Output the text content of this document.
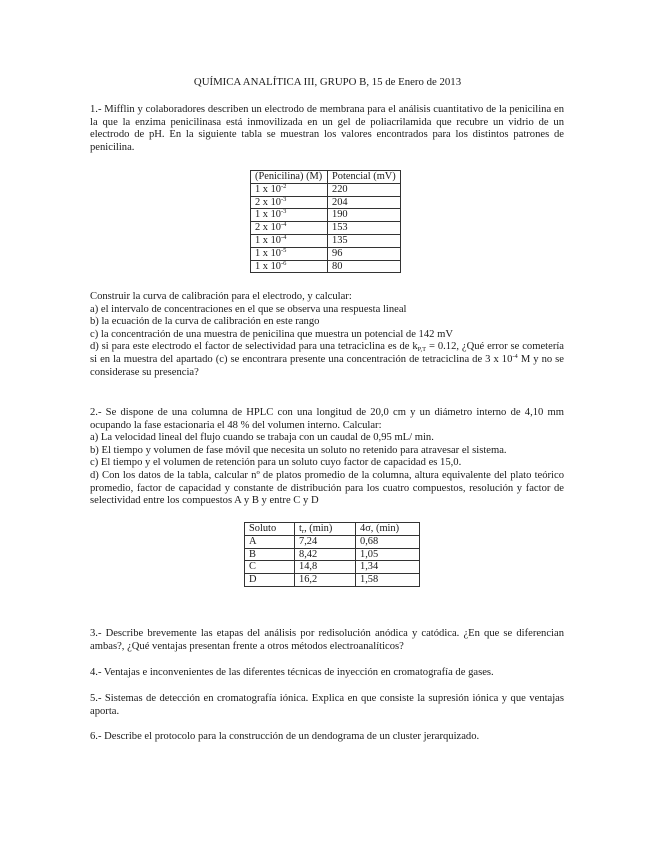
QUÍMICA ANALÍTICA III, GRUPO B, 15 de Enero de 2013

1.- Mifflin y colaboradores describen un electrodo de membrana para el análisis cuantitativo de la penicilina en la que la enzima penicilinasa está inmovilizada en un gel de poliacrilamida que recubre un vidrio de un electrodo de pH. En la siguiente tabla se muestran los valores encontrados para los distintos patrones de penicilina.

(Penicilina) (M)	Potencial (mV)
1 x $10^{-2}$	220
2 x $10^{-3}$	204
1 x $10^{-3}$	190
2 x $10^{-4}$	153
1 x $10^{-4}$	135
1 x $10^{-5}$	96
1 x $10^{-6}$	80

Construir la curva de calibración para el electrodo, y calcular:

a) el intervalo de concentraciones en el que se observa una respuesta lineal

b) la ecuación de la curva de calibración en este rango

c) la concentración de una muestra de penicilina que muestra un potencial de 142 mV

d) si para este electrodo el factor de selectividad para una tetraciclina es de $k_{P,T} = 0.12$, ¿Qué error se cometería si en la muestra del apartado (c) se encontrara presente una concentración de tetraciclina de 3 x $10^{-4}$ M y no se considerase su presencia?

2.- Se dispone de una columna de HPLC con una longitud de 20,0 cm y un diámetro interno de 4,10 mm ocupando la fase estacionaria el 48 % del volumen interno. Calcular:

a) La velocidad lineal del flujo cuando se trabaja con un caudal de 0,95 mL/ min.

b) El tiempo y volumen de fase móvil que necesita un soluto no retenido para atravesar el sistema.

c) El tiempo y el volumen de retención para un soluto cuyo factor de capacidad es 15,0.

d) Con los datos de la tabla, calcular nº de platos promedio de la columna, altura equivalente del plato teórico promedio, factor de capacidad y constante de distribución para los cuatro compuestos, resolución y factor de selectividad entre los compuestos A y B y entre C y D

Soluto	$t_r$, (min)	4σ, (min)
A	7,24	0,68
B	8,42	1,05
C	14,8	1,34
D	16,2	1,58

3.- Describe brevemente las etapas del análisis por redisolución anódica y catódica. ¿En que se diferencian ambas?, ¿Qué ventajas presentan frente a otros métodos electroanalíticos?

4.- Ventajas e inconvenientes de las diferentes técnicas de inyección en cromatografía de gases.

5.- Sistemas de detección en cromatografía iónica. Explica en que consiste la supresión iónica y que ventajas aporta.

6.- Describe el protocolo para la construcción de un dendograma de un cluster jerarquizado.
